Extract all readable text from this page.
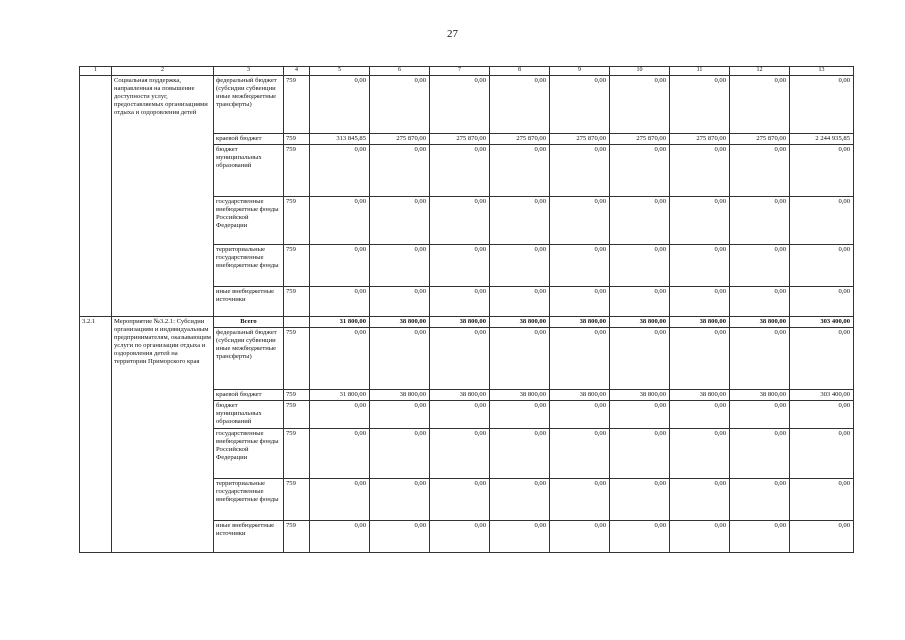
27
1	2	3	4	5	6	7	8	9	10	11	12	13
	Социальная поддержка, направленная на повышение доступности услуг, предоставляемых организациями отдыха и оздоровления детей	федеральный бюджет (субсидии субвенции иные межбюджетные трансферты)	759	0,00	0,00	0,00	0,00	0,00	0,00	0,00	0,00	0,00
		краевой бюджет	759	313 845,85	275 870,00	275 870,00	275 870,00	275 870,00	275 870,00	275 870,00	275 870,00	2 244 935,85
		бюджет муниципальных образований	759	0,00	0,00	0,00	0,00	0,00	0,00	0,00	0,00	0,00
		государственные внебюджетные фонды Российской Федерации	759	0,00	0,00	0,00	0,00	0,00	0,00	0,00	0,00	0,00
		территориальные государственные внебюджетные фонды	759	0,00	0,00	0,00	0,00	0,00	0,00	0,00	0,00	0,00
		иные внебюджетные источники	759	0,00	0,00	0,00	0,00	0,00	0,00	0,00	0,00	0,00
3.2.1	Мероприятие №3.2.1: Субсидии организациям и индивидуальным предпринимателям, оказывающим услуги по организации отдыха и оздоровления детей на территории Приморского края	Всего		31 800,00	38 800,00	38 800,00	38 800,00	38 800,00	38 800,00	38 800,00	38 800,00	303 400,00
		федеральный бюджет (субсидии субвенции иные межбюджетные трансферты)	759	0,00	0,00	0,00	0,00	0,00	0,00	0,00	0,00	0,00
		краевой бюджет	759	31 800,00	38 800,00	38 800,00	38 800,00	38 800,00	38 800,00	38 800,00	38 800,00	303 400,00
		бюджет муниципальных образований	759	0,00	0,00	0,00	0,00	0,00	0,00	0,00	0,00	0,00
		государственные внебюджетные фонды Российской Федерации	759	0,00	0,00	0,00	0,00	0,00	0,00	0,00	0,00	0,00
		территориальные государственные внебюджетные фонды	759	0,00	0,00	0,00	0,00	0,00	0,00	0,00	0,00	0,00
		иные внебюджетные источники	759	0,00	0,00	0,00	0,00	0,00	0,00	0,00	0,00	0,00
